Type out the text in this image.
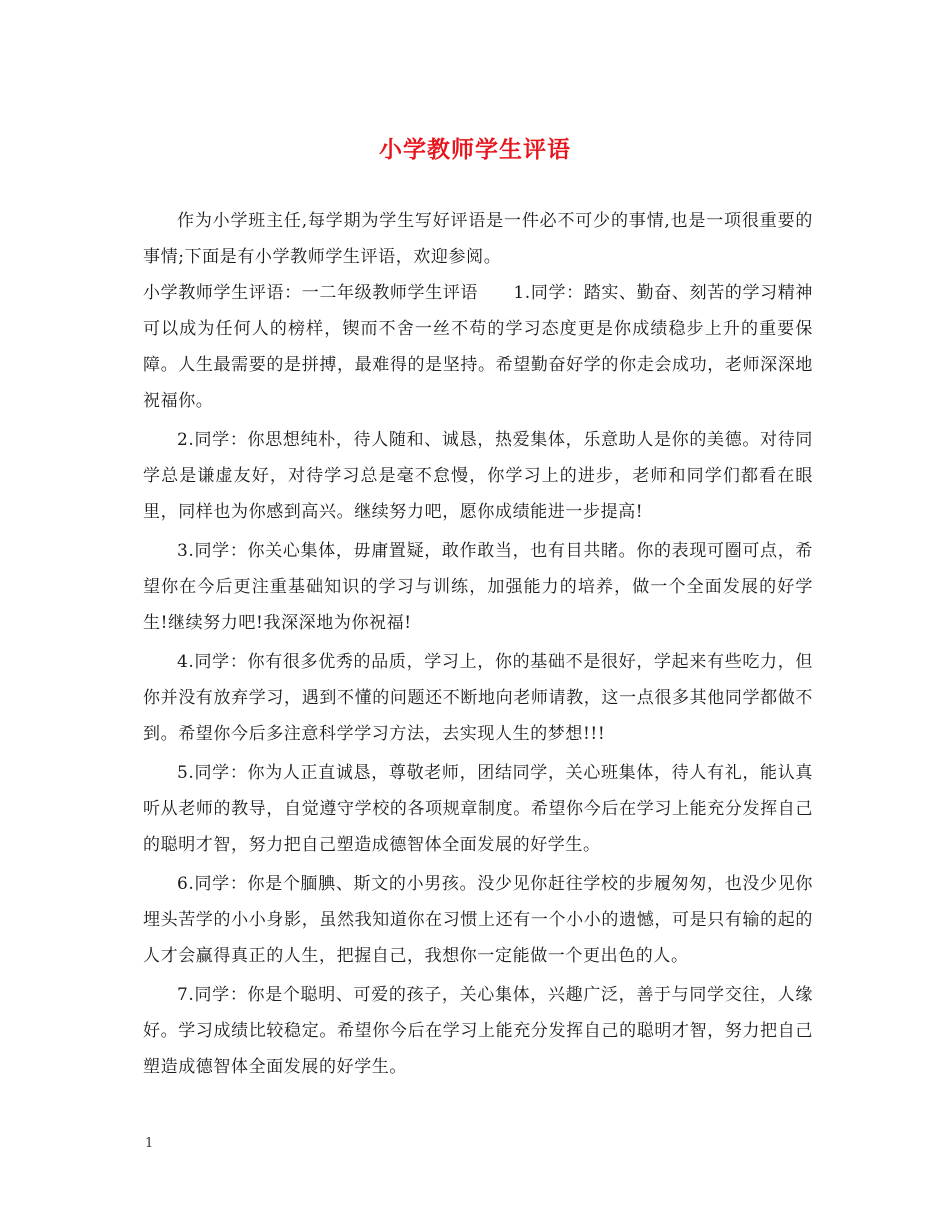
小学教师学生评语

作为小学班主任,每学期为学生写好评语是一件必不可少的事情,也是一项很重要的事情;下面是有小学教师学生评语，欢迎参阅。

小学教师学生评语：一二年级教师学生评语　　1.同学：踏实、勤奋、刻苦的学习精神可以成为任何人的榜样，锲而不舍一丝不苟的学习态度更是你成绩稳步上升的重要保障。人生最需要的是拼搏，最难得的是坚持。希望勤奋好学的你走会成功，老师深深地祝福你。

2.同学：你思想纯朴，待人随和、诚恳，热爱集体，乐意助人是你的美德。对待同学总是谦虚友好，对待学习总是毫不怠慢，你学习上的进步，老师和同学们都看在眼里，同样也为你感到高兴。继续努力吧，愿你成绩能进一步提高!

3.同学：你关心集体，毋庸置疑，敢作敢当，也有目共睹。你的表现可圈可点，希望你在今后更注重基础知识的学习与训练，加强能力的培养，做一个全面发展的好学生!继续努力吧!我深深地为你祝福!

4.同学：你有很多优秀的品质，学习上，你的基础不是很好，学起来有些吃力，但你并没有放弃学习，遇到不懂的问题还不断地向老师请教，这一点很多其他同学都做不到。希望你今后多注意科学学习方法，去实现人生的梦想!!!

5.同学：你为人正直诚恳，尊敬老师，团结同学，关心班集体，待人有礼，能认真听从老师的教导，自觉遵守学校的各项规章制度。希望你今后在学习上能充分发挥自己的聪明才智，努力把自己塑造成德智体全面发展的好学生。

6.同学：你是个腼腆、斯文的小男孩。没少见你赶往学校的步履匆匆，也没少见你埋头苦学的小小身影，虽然我知道你在习惯上还有一个小小的遗憾，可是只有输的起的人才会赢得真正的人生，把握自己，我想你一定能做一个更出色的人。

7.同学：你是个聪明、可爱的孩子，关心集体，兴趣广泛，善于与同学交往，人缘好。学习成绩比较稳定。希望你今后在学习上能充分发挥自己的聪明才智，努力把自己塑造成德智体全面发展的好学生。

1
